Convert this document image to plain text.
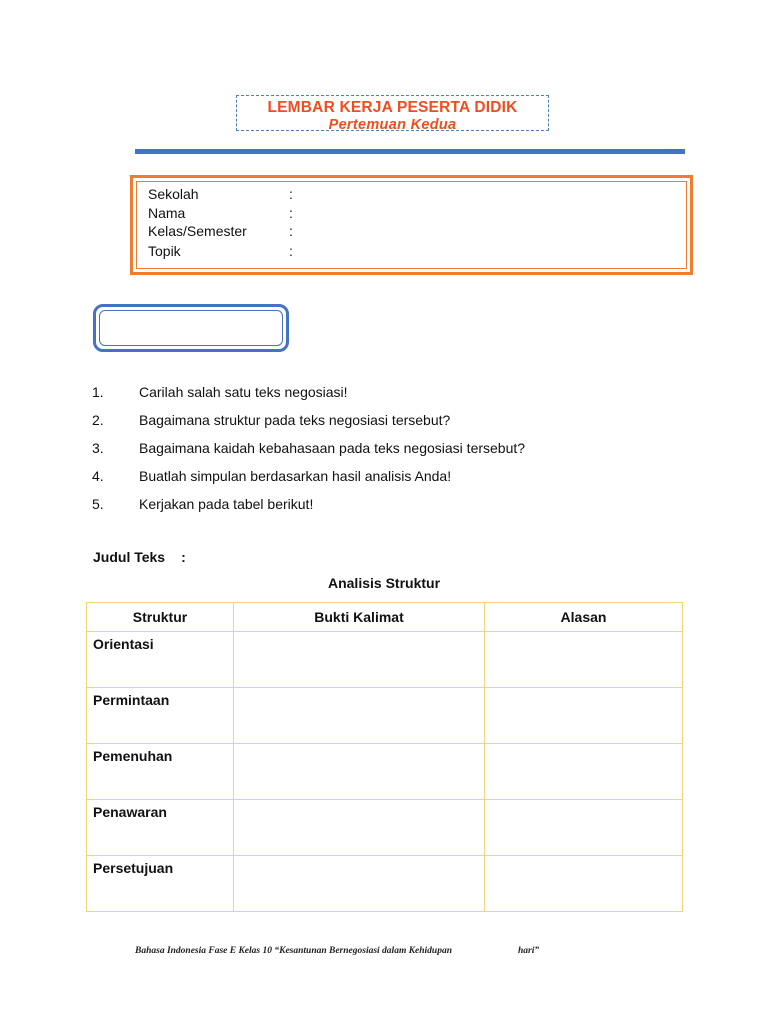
LEMBAR KERJA PESERTA DIDIK
Pertemuan Kedua
Sekolah	:
Nama	:
Kelas/Semester	:
Topik	:
1.	Carilah salah satu teks negosiasi!
2.	Bagaimana struktur pada teks negosiasi tersebut?
3.	Bagaimana kaidah kebahasaan pada teks negosiasi tersebut?
4.	Buatlah simpulan berdasarkan hasil analisis Anda!
5.	Kerjakan pada tabel berikut!
Judul Teks :
Analisis Struktur
Struktur	Bukti Kalimat	Alasan
Orientasi		
Permintaan		
Pemenuhan		
Penawaran		
Persetujuan		
Bahasa Indonesia Fase E Kelas 10 “Kesantunan Bernegosiasi dalam Kehidupan	hari”
